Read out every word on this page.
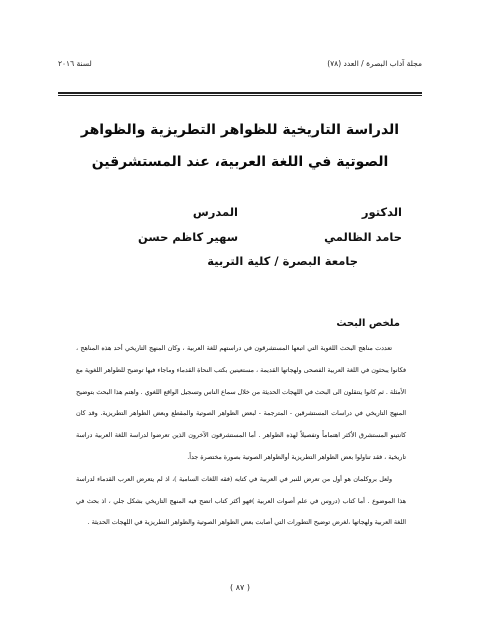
مجلة آداب البصرة / العدد (٧٨)
لسنة ٢٠١٦
الدراسة التاريخية للظواهر التطريزية والظواهر
الصوتية في اللغة العربية، عند المستشرقين
الدكتور
حامد الظالمي
المدرس
سهير كاظم حسن
جامعة البصرة / كلية التربية
ملخص البحث

تعددت مناهج البحث اللغوية التي اتبعها المستشرقون في دراستهم للغة العربية ، وكان المنهج التاريخي أحد هذه المناهج ، فكانوا يبحثون في اللغة العربية الفصحى ولهجاتها القديمة ، مستعينين بكتب النحاة القدماء وماجاء فيها توضيح للظواهر اللغوية مع الأمثلة . ثم كانوا ينتقلون الى البحث في اللهجات الحديثة من خلال سماع الناس وتسجيل الواقع اللغوي . واهتم هذا البحث بتوضيح المنهج التاريخي في دراسات المستشرقين - المترجمة - لبعض الظواهر الصوتية والمقطع وبعض الظواهر التطريزية. وقد كان كانتينو المستشرق الأكثر اهتماماً وتفصيلاً لهذه الظواهر . أما المستشرقون الآخرون الذين تعرضوا لدراسة اللغة العربية دراسة تاريخية ، فقد تناولوا بعض الظواهر التطريزية أوالظواهر الصوتية بصورة مختصرة جداً.

ولعل بروكلمان هو أول من تعرض للنبر في العربية في كتابه (فقه اللغات السامية )، اذ لم يتعرض العرب القدماء لدراسة هذا الموضوع . أما كتاب (دروس في علم أصوات العربية )فهو أكثر كتاب اتضح فيه المنهج التاريخي بشكل جلي ، اذ بحث في اللغة العربية ولهجاتها ،لغرض توضيح التطورات التي أصابت بعض الظواهر الصوتية والظواهر التطريزية في اللهجات الحديثة .

( ٨٧ )
